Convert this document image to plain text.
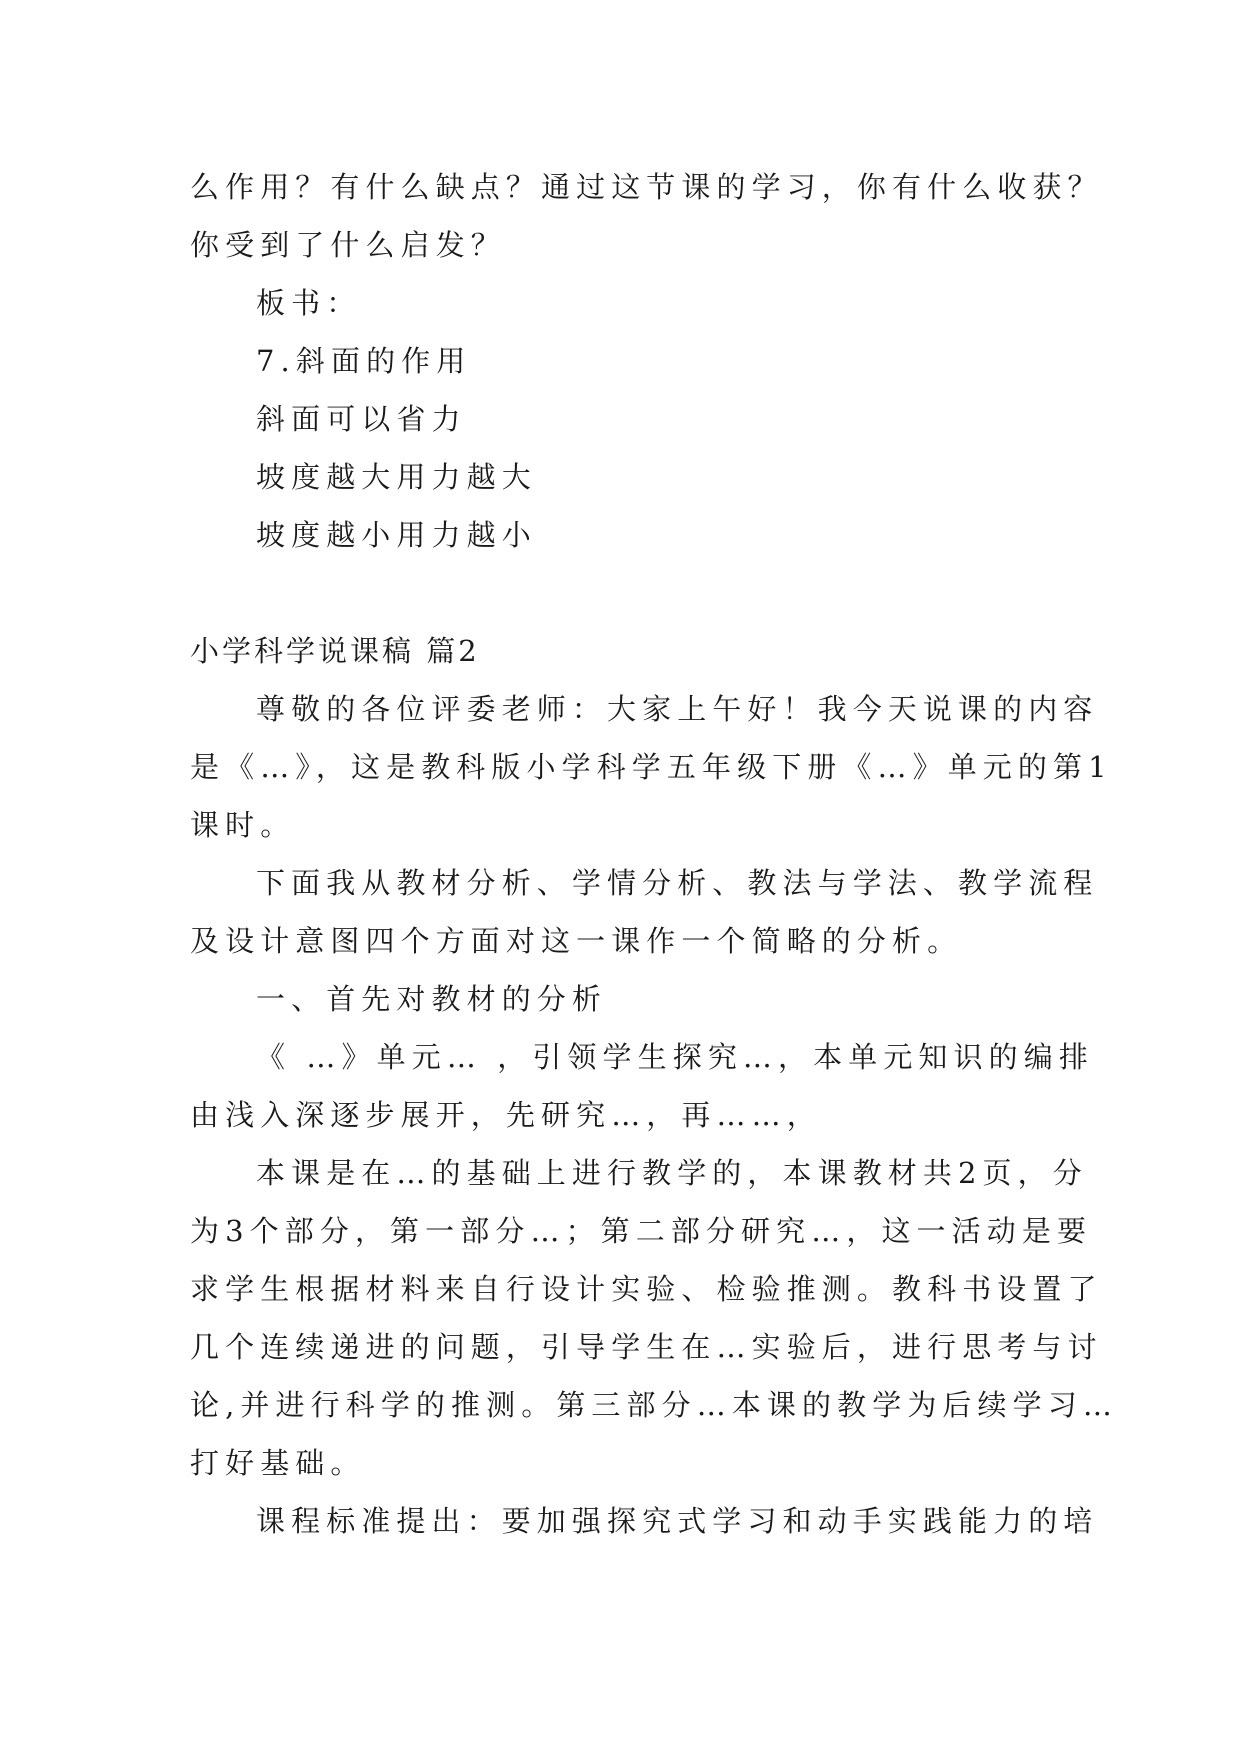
么作用？有什么缺点？通过这节课的学习，你有什么收获？
你受到了什么启发？
板书：
7.斜面的作用
斜面可以省力
坡度越大用力越大
坡度越小用力越小
小学科学说课稿 篇2
尊敬的各位评委老师：大家上午好！我今天说课的内容
是《…》，这是教科版小学科学五年级下册《…》单元的第1
课时。
下面我从教材分析、学情分析、教法与学法、教学流程
及设计意图四个方面对这一课作一个简略的分析。
一、首先对教材的分析
《 …》单元… ，引领学生探究…，本单元知识的编排
由浅入深逐步展开，先研究…，再……，
本课是在…的基础上进行教学的，本课教材共2页，分
为3个部分，第一部分…；第二部分研究…，这一活动是要
求学生根据材料来自行设计实验、检验推测。教科书设置了
几个连续递进的问题，引导学生在…实验后，进行思考与讨
论,并进行科学的推测。第三部分…本课的教学为后续学习…
打好基础。
课程标准提出：要加强探究式学习和动手实践能力的培
